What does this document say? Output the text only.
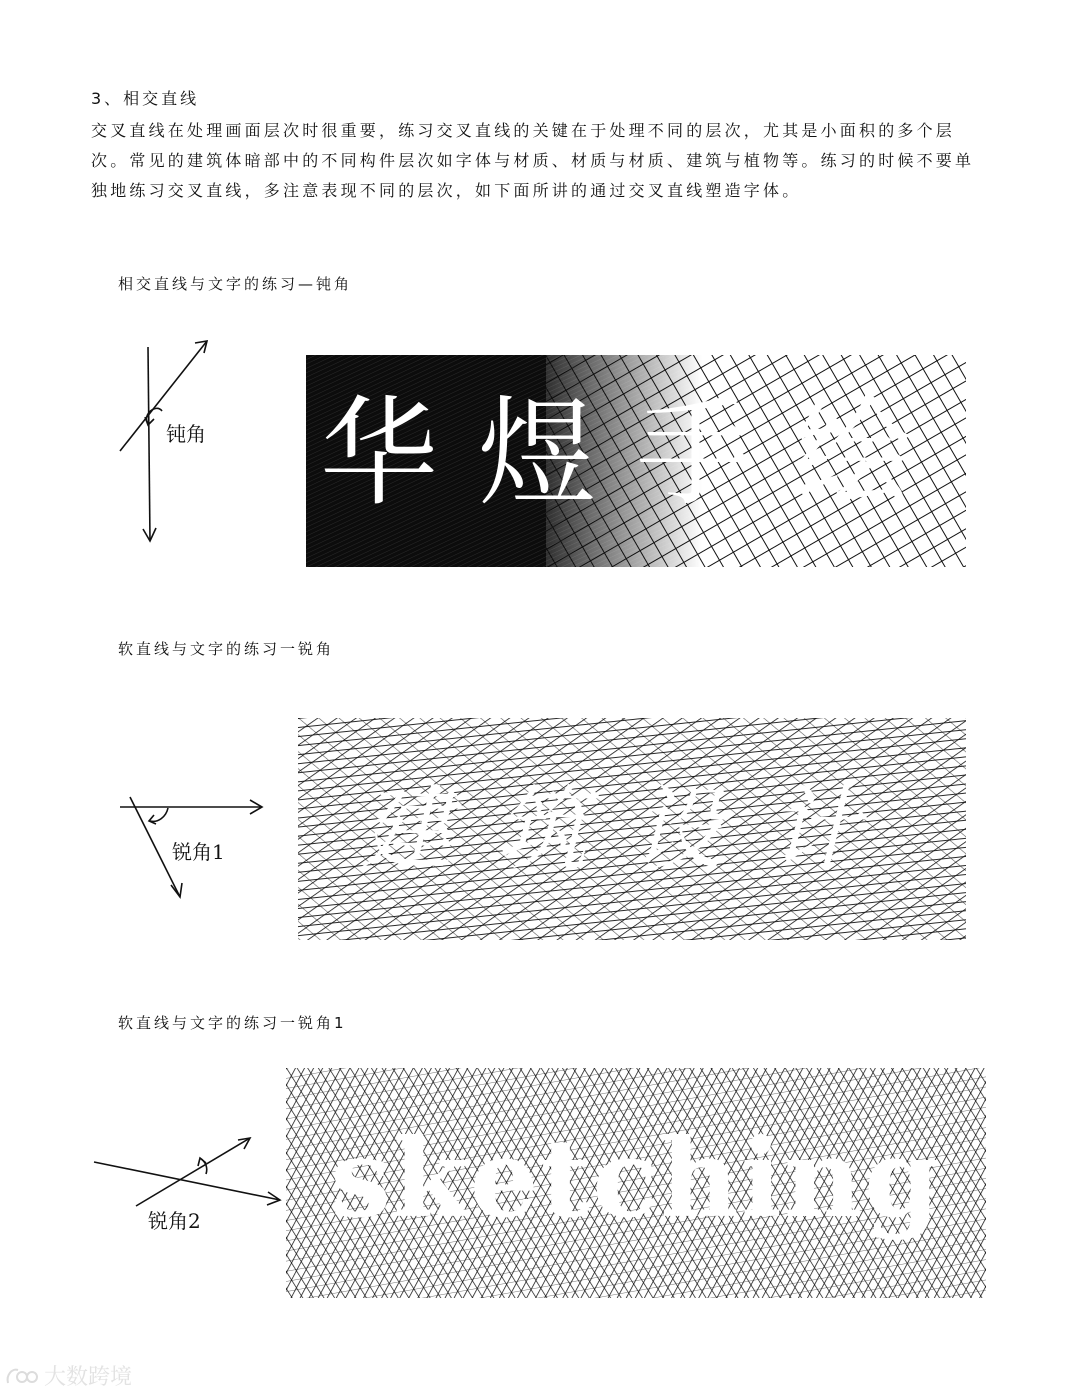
3、相交直线

交叉直线在处理画面层次时很重要，练习交叉直线的关键在于处理不同的层次，尤其是小面积的多个层次。常见的建筑体暗部中的不同构件层次如字体与材质、材质与材质、建筑与植物等。练习的时候不要单独地练习交叉直线，多注意表现不同的层次，如下面所讲的通过交叉直线塑造字体。

相交直线与文字的练习—钝角
钝角 华煜手绘
软直线与文字的练习一锐角
锐角1	建筑设计
软直线与文字的练习一锐角1
锐角2	sketching
大数跨境
